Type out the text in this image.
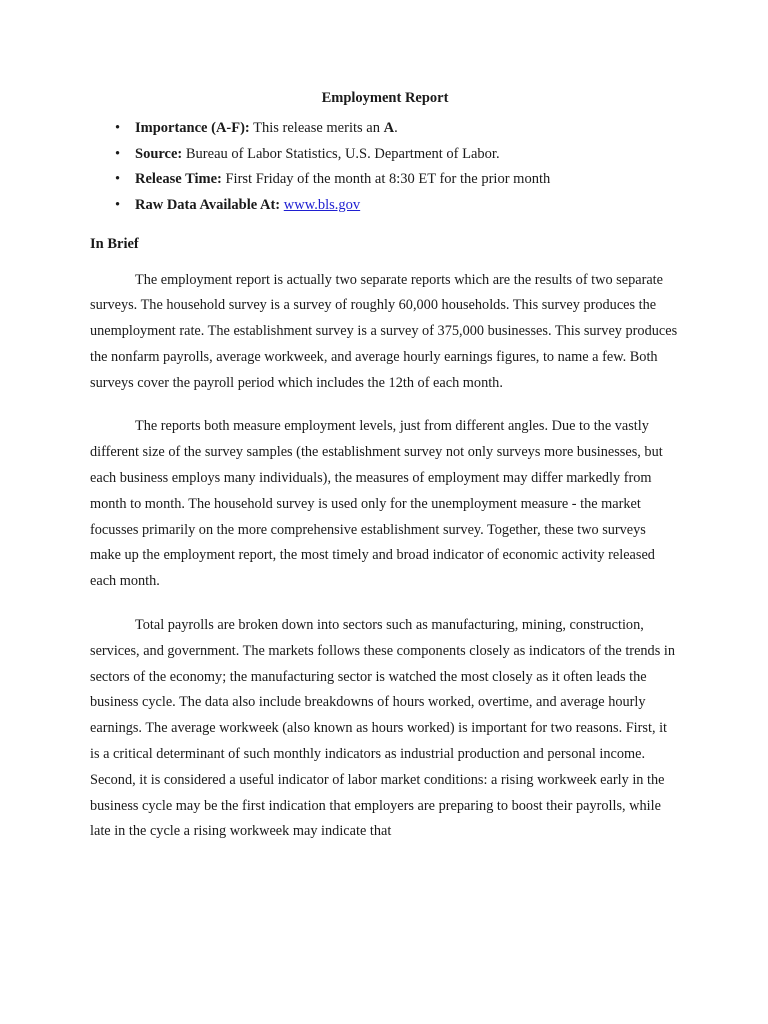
Employment Report
• Importance (A-F): This release merits an A.
• Source: Bureau of Labor Statistics, U.S. Department of Labor.
• Release Time: First Friday of the month at 8:30 ET for the prior month
• Raw Data Available At: www.bls.gov
In Brief

The employment report is actually two separate reports which are the results of two separate surveys. The household survey is a survey of roughly 60,000 households. This survey produces the unemployment rate. The establishment survey is a survey of 375,000 businesses. This survey produces the nonfarm payrolls, average workweek, and average hourly earnings figures, to name a few. Both surveys cover the payroll period which includes the 12th of each month.

The reports both measure employment levels, just from different angles. Due to the vastly different size of the survey samples (the establishment survey not only surveys more businesses, but each business employs many individuals), the measures of employment may differ markedly from month to month. The household survey is used only for the unemployment measure - the market focusses primarily on the more comprehensive establishment survey. Together, these two surveys make up the employment report, the most timely and broad indicator of economic activity released each month.

Total payrolls are broken down into sectors such as manufacturing, mining, construction, services, and government. The markets follows these components closely as indicators of the trends in sectors of the economy; the manufacturing sector is watched the most closely as it often leads the business cycle. The data also include breakdowns of hours worked, overtime, and average hourly earnings. The average workweek (also known as hours worked) is important for two reasons. First, it is a critical determinant of such monthly indicators as industrial production and personal income. Second, it is considered a useful indicator of labor market conditions: a rising workweek early in the business cycle may be the first indication that employers are preparing to boost their payrolls, while late in the cycle a rising workweek may indicate that
